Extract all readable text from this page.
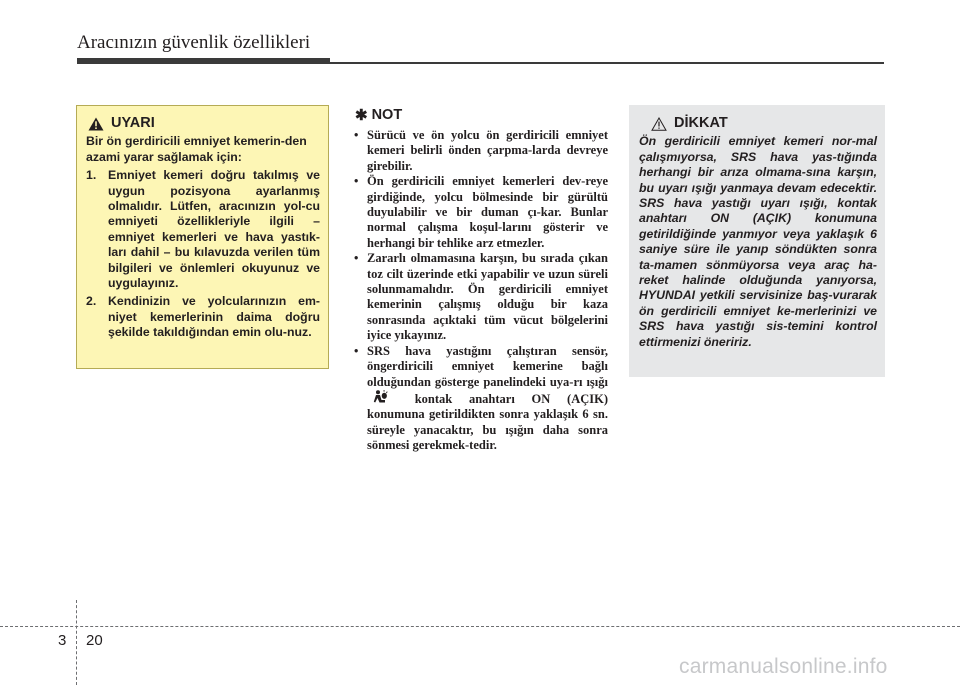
Aracınızın güvenlik özellikleri
UYARI

Bir ön gerdiricili emniyet kemerin-den azami yarar sağlamak için:

1. Emniyet kemeri doğru takılmış ve uygun pozisyona ayarlanmış olmalıdır. Lütfen, aracınızın yol-cu emniyeti özellikleriyle ilgili – emniyet kemerleri ve hava yastık-ları dahil – bu kılavuzda verilen tüm bilgileri ve önlemleri okuyunuz ve uygulayınız.
2. Kendinizin ve yolcularınızın em-niyet kemerlerinin daima doğru şekilde takıldığından emin olu-nuz.
✱ NOT
• Sürücü ve ön yolcu ön gerdiricili emniyet kemeri belirli önden çarpma-larda devreye girebilir.
• Ön gerdiricili emniyet kemerleri dev-reye girdiğinde, yolcu bölmesinde bir gürültü duyulabilir ve bir duman çı-kar. Bunlar normal çalışma koşul-larını gösterir ve herhangi bir tehlike arz etmezler.
• Zararlı olmamasına karşın, bu sırada çıkan toz cilt üzerinde etki yapabilir ve uzun süreli solunmamalıdır. Ön gerdiricili emniyet kemerinin çalışmış olduğu bir kaza sonrasında açıktaki tüm vücut bölgelerini iyice yıkayınız.
• SRS hava yastığını çalıştıran sensör, öngerdiricili emniyet kemerine bağlı olduğundan gösterge panelindeki uya-rı ışığı  kontak anahtarı ON (AÇIK) konumuna getirildikten sonra yaklaşık 6 sn. süreyle yanacaktır, bu ışığın daha sonra sönmesi gerekmek-tedir.
DİKKAT

Ön gerdiricili emniyet kemeri nor-mal çalışmıyorsa, SRS hava yas-tığında herhangi bir arıza olmama-sına karşın, bu uyarı ışığı yanmaya devam edecektir. SRS hava yastığı uyarı ışığı, kontak anahtarı ON (AÇIK) konumuna getirildiğinde yanmıyor veya yaklaşık 6 saniye süre ile yanıp söndükten sonra ta-mamen sönmüyorsa veya araç ha-reket halinde olduğunda yanıyorsa, HYUNDAI yetkili servisinize baş-vurarak ön gerdiricili emniyet ke-merlerinizi ve SRS hava yastığı sis-temini kontrol ettirmenizi öneririz.

3 20
carmanualsonline.info
